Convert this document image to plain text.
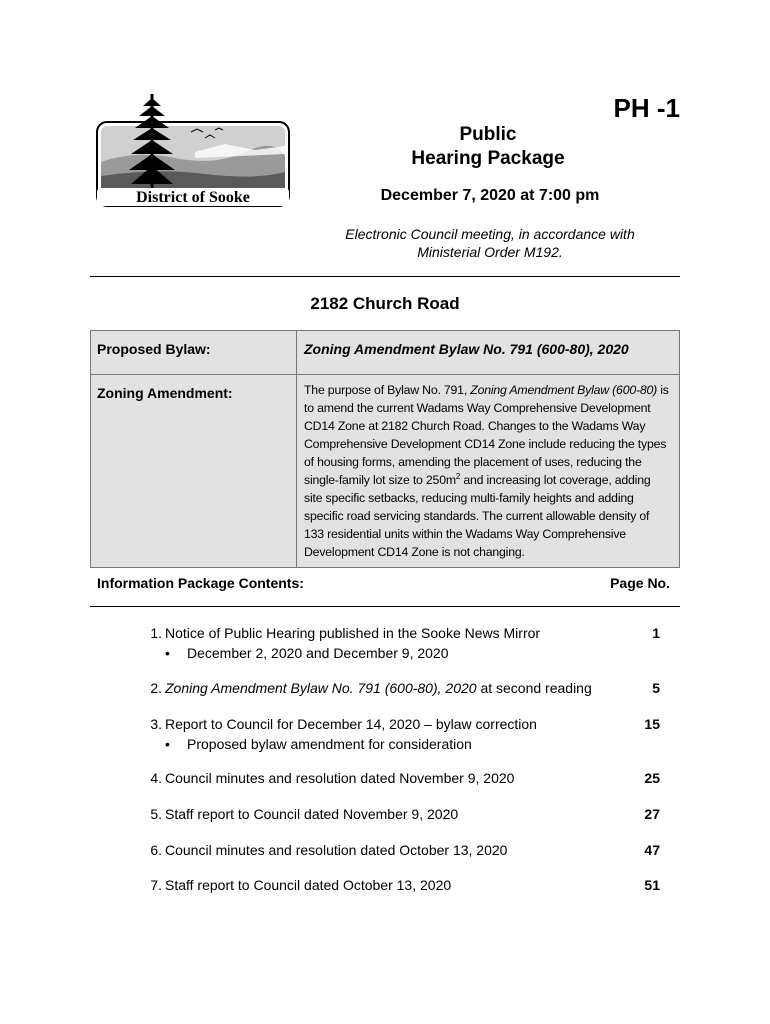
District of Sooke
PH -1
Public
Hearing Package
December 7, 2020 at 7:00 pm
Electronic Council meeting, in accordance with
Ministerial Order M192.
2182 Church Road
Proposed Bylaw:	Zoning Amendment Bylaw No. 791 (600-80), 2020
Zoning Amendment:	The purpose of Bylaw No. 791, Zoning Amendment Bylaw (600-80) is to amend the current Wadams Way Comprehensive Development CD14 Zone at 2182 Church Road. Changes to the Wadams Way Comprehensive Development CD14 Zone include reducing the types of housing forms, amending the placement of uses, reducing the single-family lot size to $250m^2$ and increasing lot coverage, adding site specific setbacks, reducing multi-family heights and adding specific road servicing standards. The current allowable density of 133 residential units within the Wadams Way Comprehensive Development CD14 Zone is not changing.
Information Package Contents:	Page No.
1. Notice of Public Hearing published in the Sooke News Mirror	1
• December 2, 2020 and December 9, 2020
2. Zoning Amendment Bylaw No. 791 (600-80), 2020 at second reading	5
3. Report to Council for December 14, 2020 – bylaw correction	15
• Proposed bylaw amendment for consideration
4. Council minutes and resolution dated November 9, 2020	25
5. Staff report to Council dated November 9, 2020	27
6. Council minutes and resolution dated October 13, 2020	47
7. Staff report to Council dated October 13, 2020	51
